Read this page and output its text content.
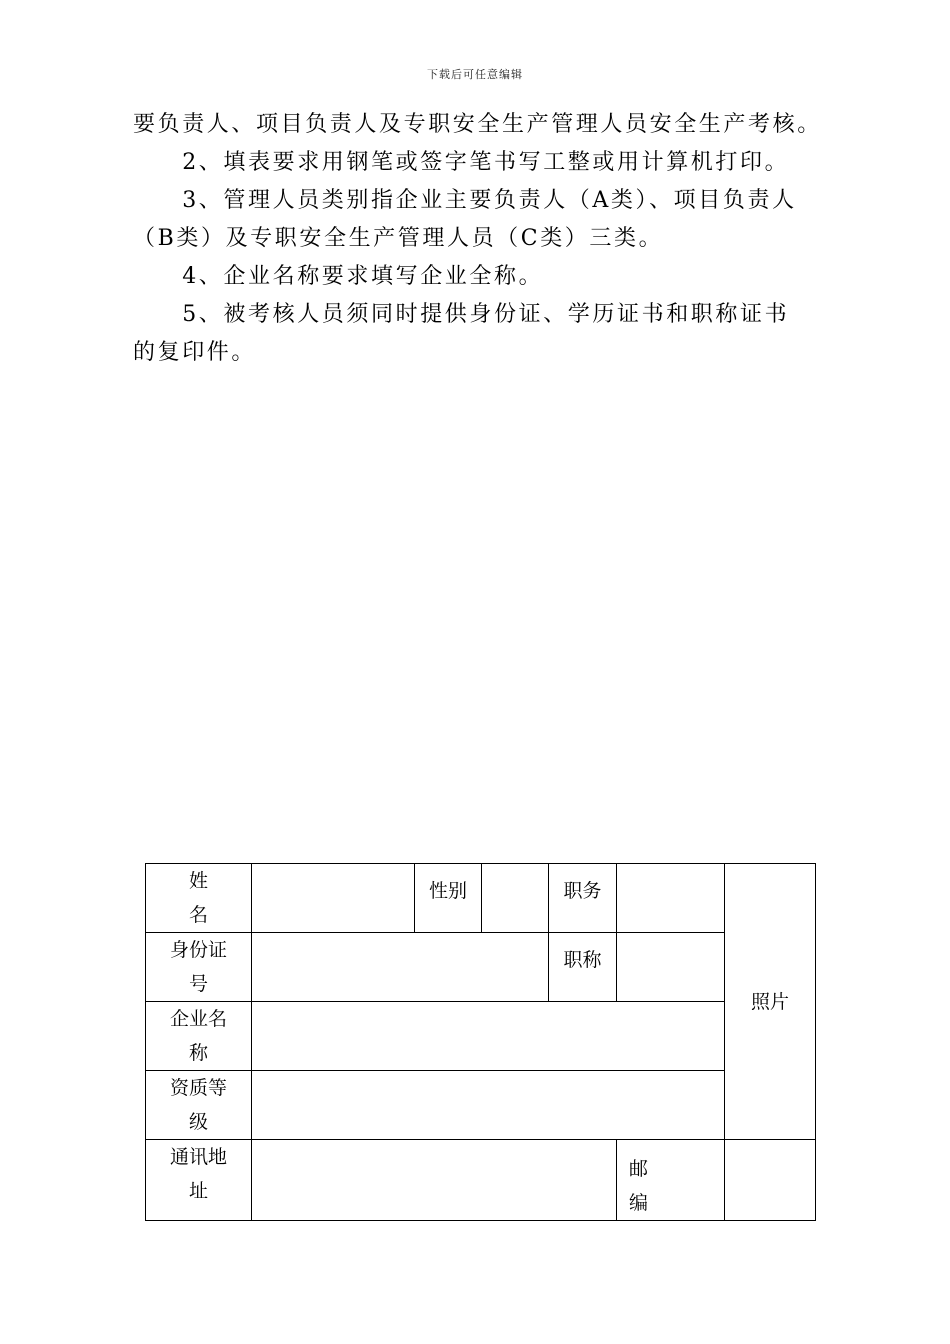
下载后可任意编辑
要负责人、项目负责人及专职安全生产管理人员安全生产考核。
　　2、填表要求用钢笔或签字笔书写工整或用计算机打印。
　　3、管理人员类别指企业主要负责人（A类）、项目负责人
（B类）及专职安全生产管理人员（C类）三类。
　　4、企业名称要求填写企业全称。
　　5、被考核人员须同时提供身份证、学历证书和职称证书
的复印件。
姓
名		性别		职务		照片

身份证
号				职称		

企业名
称						

资质等
级						

通讯地
址					邮编	
